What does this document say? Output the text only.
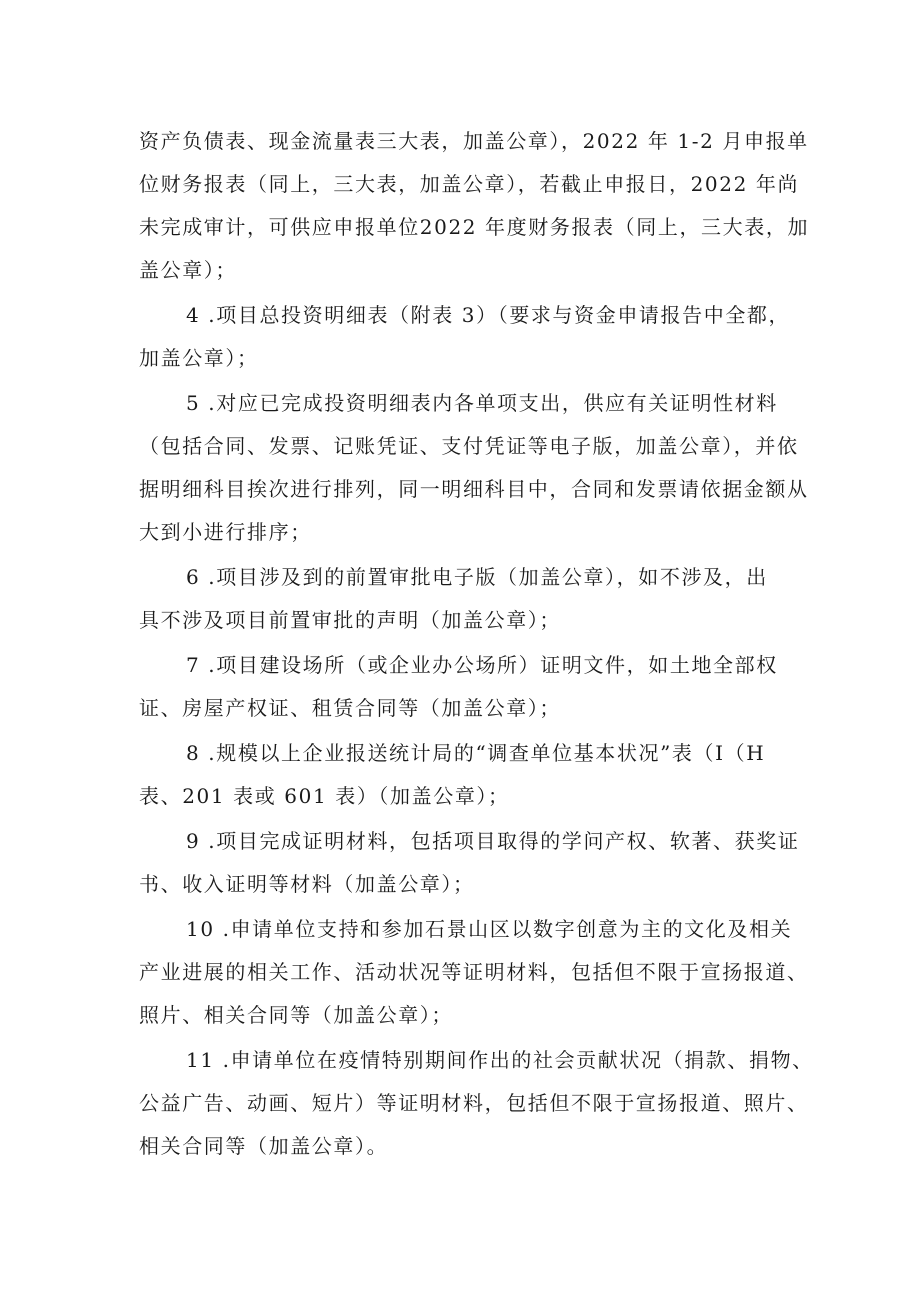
资产负债表、现金流量表三大表，加盖公章），2022 年 1-2 月申报单
位财务报表（同上，三大表，加盖公章），若截止申报日，2022 年尚
未完成审计，可供应申报单位2022 年度财务报表（同上，三大表，加
盖公章）；
4 .项目总投资明细表（附表 3）（要求与资金申请报告中全都，
加盖公章）；
5 .对应已完成投资明细表内各单项支出，供应有关证明性材料
（包括合同、发票、记账凭证、支付凭证等电子版，加盖公章），并依
据明细科目挨次进行排列，同一明细科目中，合同和发票请依据金额从
大到小进行排序；
6 .项目涉及到的前置审批电子版（加盖公章），如不涉及，出
具不涉及项目前置审批的声明（加盖公章）；
7 .项目建设场所（或企业办公场所）证明文件，如土地全部权
证、房屋产权证、租赁合同等（加盖公章）；
8 .规模以上企业报送统计局的“调查单位基本状况”表（I（H
表、201 表或 601 表）（加盖公章）；
9 .项目完成证明材料，包括项目取得的学问产权、软著、获奖证
书、收入证明等材料（加盖公章）；
10 .申请单位支持和参加石景山区以数字创意为主的文化及相关
产业进展的相关工作、活动状况等证明材料，包括但不限于宣扬报道、
照片、相关合同等（加盖公章）；
11 .申请单位在疫情特别期间作出的社会贡献状况（捐款、捐物、
公益广告、动画、短片）等证明材料，包括但不限于宣扬报道、照片、
相关合同等（加盖公章）。
